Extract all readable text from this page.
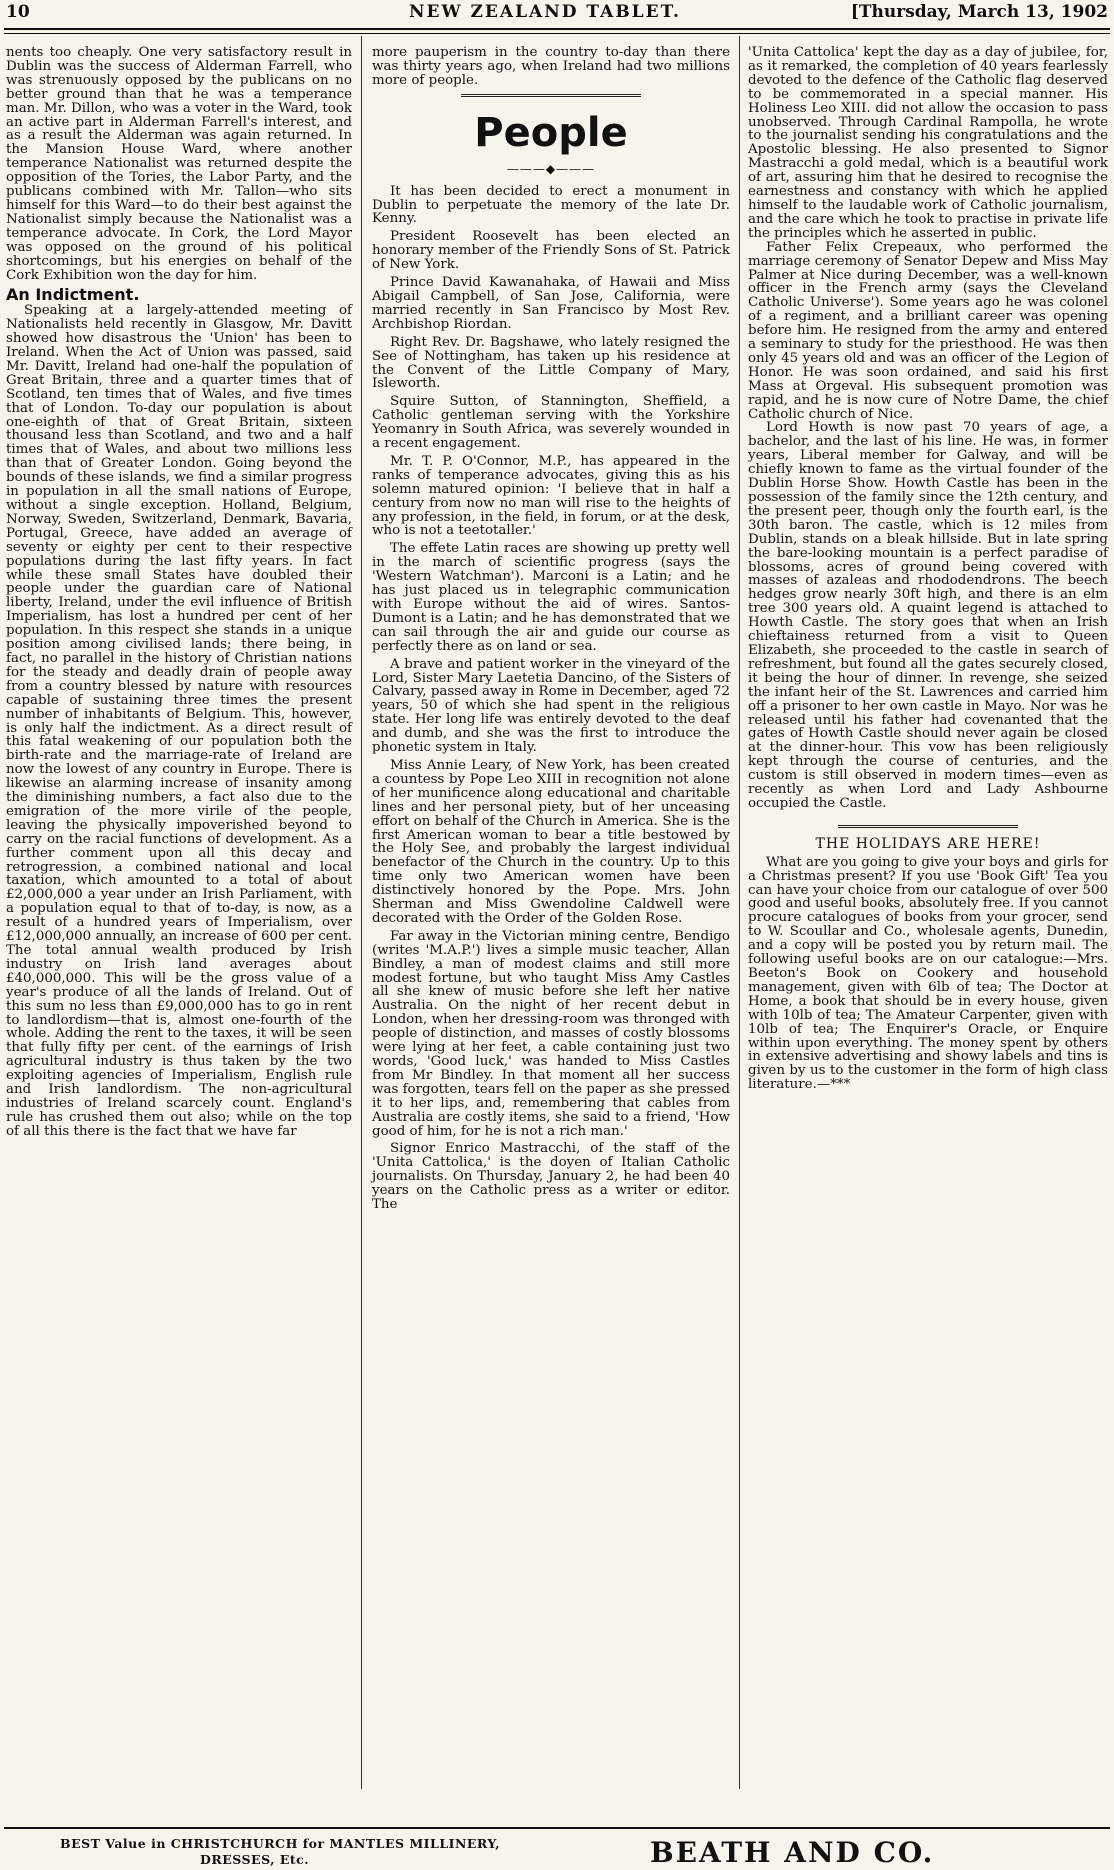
10	NEW ZEALAND TABLET.	[Thursday, March 13, 1902

nents too cheaply. One very satisfactory result in Dublin was the success of Alderman Farrell, who was strenuously opposed by the publicans on no better ground than that he was a temperance man. Mr. Dillon, who was a voter in the Ward, took an active part in Alderman Farrell's interest, and as a result the Alderman was again returned. In the Mansion House Ward, where another temperance Nationalist was returned despite the opposition of the Tories, the Labor Party, and the publicans combined with Mr. Tallon—who sits himself for this Ward—to do their best against the Nationalist simply because the Nationalist was a temperance advocate. In Cork, the Lord Mayor was opposed on the ground of his political shortcomings, but his energies on behalf of the Cork Exhibition won the day for him.

An Indictment.

Speaking at a largely-attended meeting of Nationalists held recently in Glasgow, Mr. Davitt showed how disastrous the 'Union' has been to Ireland. When the Act of Union was passed, said Mr. Davitt, Ireland had one-half the population of Great Britain, three and a quarter times that of Scotland, ten times that of Wales, and five times that of London. To-day our population is about one-eighth of that of Great Britain, sixteen thousand less than Scotland, and two and a half times that of Wales, and about two millions less than that of Greater London. Going beyond the bounds of these islands, we find a similar progress in population in all the small nations of Europe, without a single exception. Holland, Belgium, Norway, Sweden, Switzerland, Denmark, Bavaria, Portugal, Greece, have added an average of seventy or eighty per cent to their respective populations during the last fifty years. In fact while these small States have doubled their people under the guardian care of National liberty, Ireland, under the evil influence of British Imperialism, has lost a hundred per cent of her population. In this respect she stands in a unique position among civilised lands; there being, in fact, no parallel in the history of Christian nations for the steady and deadly drain of people away from a country blessed by nature with resources capable of sustaining three times the present number of inhabitants of Belgium. This, however, is only half the indictment. As a direct result of this fatal weakening of our population both the birth-rate and the marriage-rate of Ireland are now the lowest of any country in Europe. There is likewise an alarming increase of insanity among the diminishing numbers, a fact also due to the emigration of the more virile of the people, leaving the physically impoverished beyond to carry on the racial functions of development. As a further comment upon all this decay and retrogression, a combined national and local taxation, which amounted to a total of about £2,000,000 a year under an Irish Parliament, with a population equal to that of to-day, is now, as a result of a hundred years of Imperialism, over £12,000,000 annually, an increase of 600 per cent. The total annual wealth produced by Irish industry on Irish land averages about £40,000,000. This will be the gross value of a year's produce of all the lands of Ireland. Out of this sum no less than £9,000,000 has to go in rent to landlordism—that is, almost one-fourth of the whole. Adding the rent to the taxes, it will be seen that fully fifty per cent. of the earnings of Irish agricultural industry is thus taken by the two exploiting agencies of Imperialism, English rule and Irish landlordism. The non-agricultural industries of Ireland scarcely count. England's rule has crushed them out also; while on the top of all this there is the fact that we have far

more pauperism in the country to-day than there was thirty years ago, when Ireland had two millions more of people.

People
———◆———

It has been decided to erect a monument in Dublin to perpetuate the memory of the late Dr. Kenny.

President Roosevelt has been elected an honorary member of the Friendly Sons of St. Patrick of New York.

Prince David Kawanahaka, of Hawaii and Miss Abigail Campbell, of San Jose, California, were married recently in San Francisco by Most Rev. Archbishop Riordan.

Right Rev. Dr. Bagshawe, who lately resigned the See of Nottingham, has taken up his residence at the Convent of the Little Company of Mary, Isleworth.

Squire Sutton, of Stannington, Sheffield, a Catholic gentleman serving with the Yorkshire Yeomanry in South Africa, was severely wounded in a recent engagement.

Mr. T. P. O'Connor, M.P., has appeared in the ranks of temperance advocates, giving this as his solemn matured opinion: 'I believe that in half a century from now no man will rise to the heights of any profession, in the field, in forum, or at the desk, who is not a teetotaller.'

The effete Latin races are showing up pretty well in the march of scientific progress (says the 'Western Watchman'). Marconi is a Latin; and he has just placed us in telegraphic communication with Europe without the aid of wires. Santos-Dumont is a Latin; and he has demonstrated that we can sail through the air and guide our course as perfectly there as on land or sea.

A brave and patient worker in the vineyard of the Lord, Sister Mary Laetetia Dancino, of the Sisters of Calvary, passed away in Rome in December, aged 72 years, 50 of which she had spent in the religious state. Her long life was entirely devoted to the deaf and dumb, and she was the first to introduce the phonetic system in Italy.

Miss Annie Leary, of New York, has been created a countess by Pope Leo XIII in recognition not alone of her munificence along educational and charitable lines and her personal piety, but of her unceasing effort on behalf of the Church in America. She is the first American woman to bear a title bestowed by the Holy See, and probably the largest individual benefactor of the Church in the country. Up to this time only two American women have been distinctively honored by the Pope. Mrs. John Sherman and Miss Gwendoline Caldwell were decorated with the Order of the Golden Rose.

Far away in the Victorian mining centre, Bendigo (writes 'M.A.P.') lives a simple music teacher, Allan Bindley, a man of modest claims and still more modest fortune, but who taught Miss Amy Castles all she knew of music before she left her native Australia. On the night of her recent debut in London, when her dressing-room was thronged with people of distinction, and masses of costly blossoms were lying at her feet, a cable containing just two words, 'Good luck,' was handed to Miss Castles from Mr Bindley. In that moment all her success was forgotten, tears fell on the paper as she pressed it to her lips, and, remembering that cables from Australia are costly items, she said to a friend, 'How good of him, for he is not a rich man.'

Signor Enrico Mastracchi, of the staff of the 'Unita Cattolica,' is the doyen of Italian Catholic journalists. On Thursday, January 2, he had been 40 years on the Catholic press as a writer or editor. The

'Unita Cattolica' kept the day as a day of jubilee, for, as it remarked, the completion of 40 years fearlessly devoted to the defence of the Catholic flag deserved to be commemorated in a special manner. His Holiness Leo XIII. did not allow the occasion to pass unobserved. Through Cardinal Rampolla, he wrote to the journalist sending his congratulations and the Apostolic blessing. He also presented to Signor Mastracchi a gold medal, which is a beautiful work of art, assuring him that he desired to recognise the earnestness and constancy with which he applied himself to the laudable work of Catholic journalism, and the care which he took to practise in private life the principles which he asserted in public.

Father Felix Crepeaux, who performed the marriage ceremony of Senator Depew and Miss May Palmer at Nice during December, was a well-known officer in the French army (says the Cleveland Catholic Universe'). Some years ago he was colonel of a regiment, and a brilliant career was opening before him. He resigned from the army and entered a seminary to study for the priesthood. He was then only 45 years old and was an officer of the Legion of Honor. He was soon ordained, and said his first Mass at Orgeval. His subsequent promotion was rapid, and he is now cure of Notre Dame, the chief Catholic church of Nice.

Lord Howth is now past 70 years of age, a bachelor, and the last of his line. He was, in former years, Liberal member for Galway, and will be chiefly known to fame as the virtual founder of the Dublin Horse Show. Howth Castle has been in the possession of the family since the 12th century, and the present peer, though only the fourth earl, is the 30th baron. The castle, which is 12 miles from Dublin, stands on a bleak hillside. But in late spring the bare-looking mountain is a perfect paradise of blossoms, acres of ground being covered with masses of azaleas and rhododendrons. The beech hedges grow nearly 30ft high, and there is an elm tree 300 years old. A quaint legend is attached to Howth Castle. The story goes that when an Irish chieftainess returned from a visit to Queen Elizabeth, she proceeded to the castle in search of refreshment, but found all the gates securely closed, it being the hour of dinner. In revenge, she seized the infant heir of the St. Lawrences and carried him off a prisoner to her own castle in Mayo. Nor was he released until his father had covenanted that the gates of Howth Castle should never again be closed at the dinner-hour. This vow has been religiously kept through the course of centuries, and the custom is still observed in modern times—even as recently as when Lord and Lady Ashbourne occupied the Castle.

THE HOLIDAYS ARE HERE!

What are you going to give your boys and girls for a Christmas present? If you use 'Book Gift' Tea you can have your choice from our catalogue of over 500 good and useful books, absolutely free. If you cannot procure catalogues of books from your grocer, send to W. Scoullar and Co., wholesale agents, Dunedin, and a copy will be posted you by return mail. The following useful books are on our catalogue:—Mrs. Beeton's Book on Cookery and household management, given with 6lb of tea; The Doctor at Home, a book that should be in every house, given with 10lb of tea; The Amateur Carpenter, given with 10lb of tea; The Enquirer's Oracle, or Enquire within upon everything. The money spent by others in extensive advertising and showy labels and tins is given by us to the customer in the form of high class literature.—***

BEST Value in CHRISTCHURCH for MANTLES MILLINERY,
DRESSES, Etc.	BEATH AND CO.
